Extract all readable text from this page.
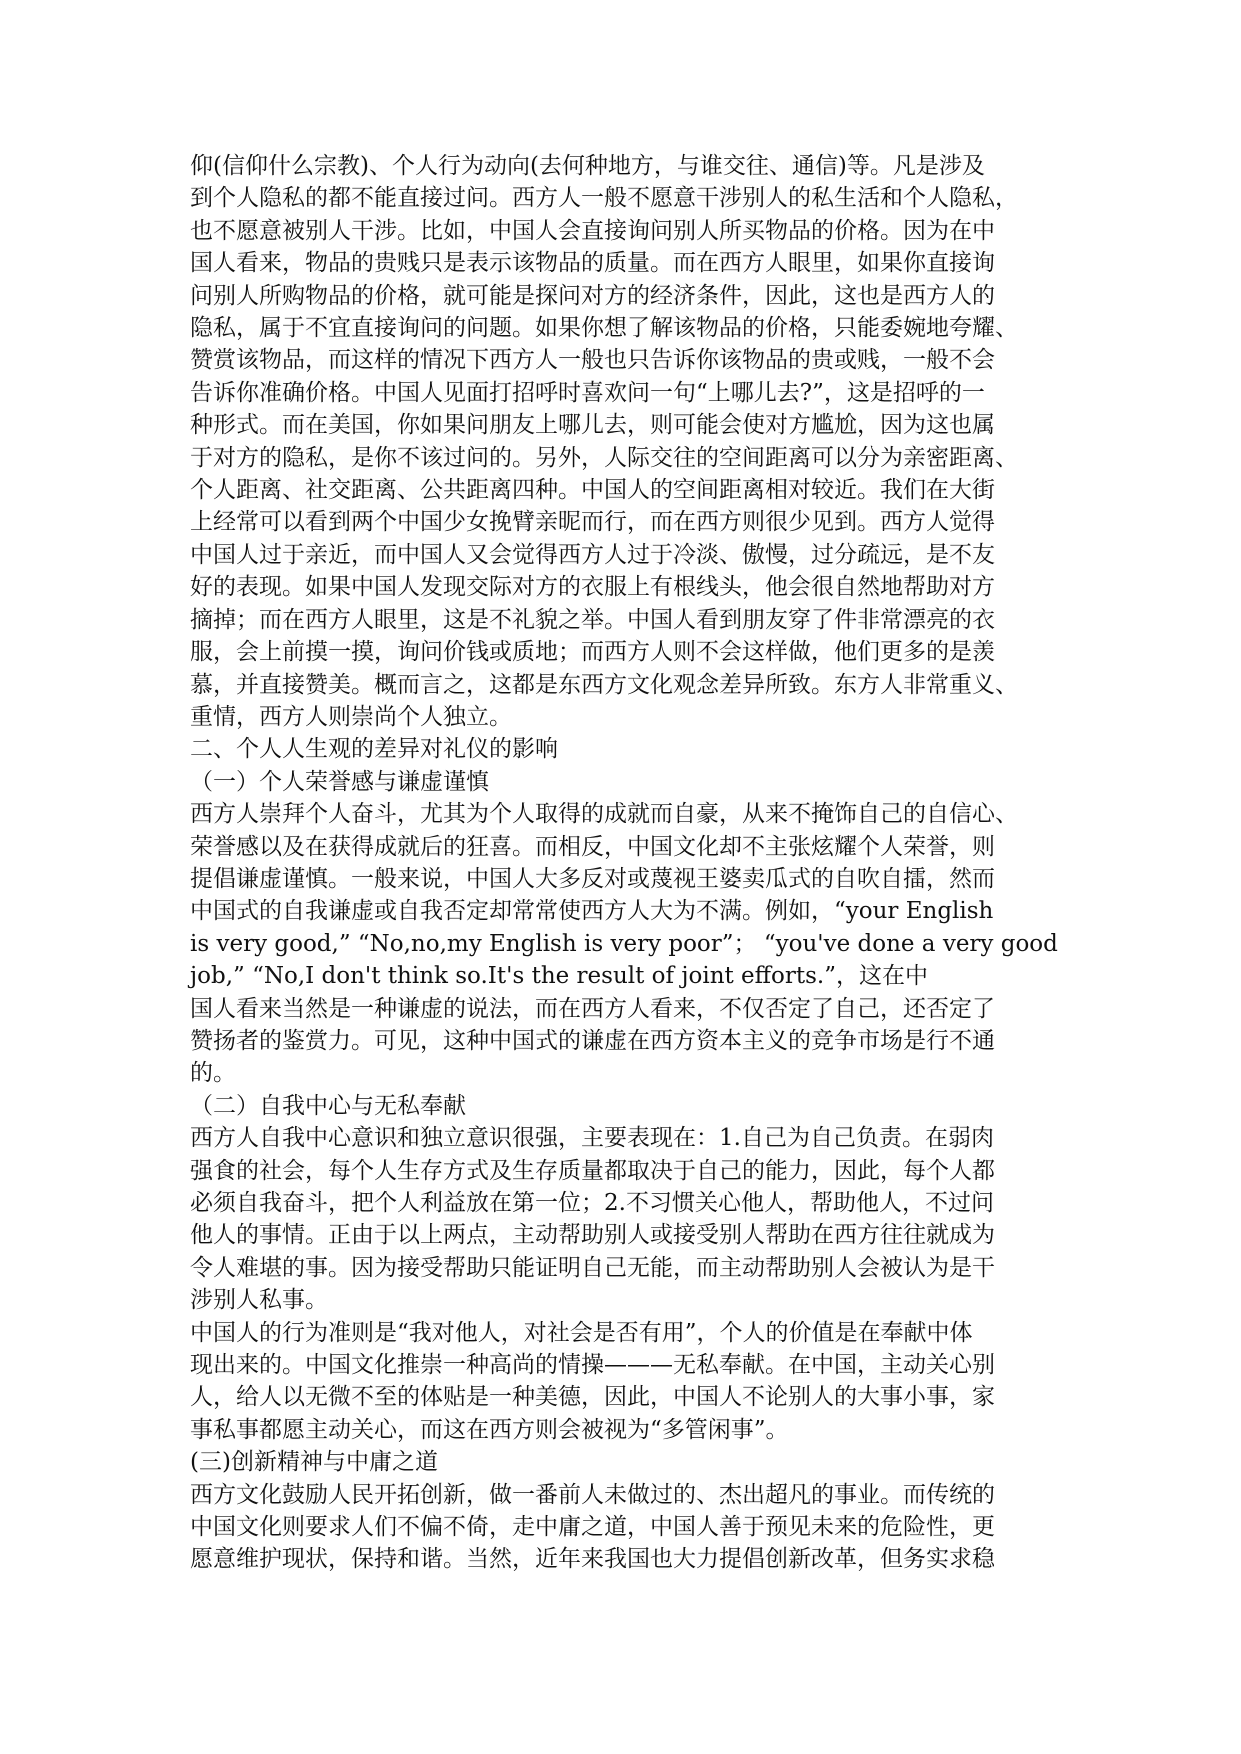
仰(信仰什么宗教)、个人行为动向(去何种地方，与谁交往、通信)等。凡是涉及
到个人隐私的都不能直接过问。西方人一般不愿意干涉别人的私生活和个人隐私，
也不愿意被别人干涉。比如，中国人会直接询问别人所买物品的价格。因为在中
国人看来，物品的贵贱只是表示该物品的质量。而在西方人眼里，如果你直接询
问别人所购物品的价格，就可能是探问对方的经济条件，因此，这也是西方人的
隐私，属于不宜直接询问的问题。如果你想了解该物品的价格，只能委婉地夸耀、
赞赏该物品，而这样的情况下西方人一般也只告诉你该物品的贵或贱，一般不会
告诉你准确价格。中国人见面打招呼时喜欢问一句“上哪儿去?”，这是招呼的一
种形式。而在美国，你如果问朋友上哪儿去，则可能会使对方尴尬，因为这也属
于对方的隐私，是你不该过问的。另外，人际交往的空间距离可以分为亲密距离、
个人距离、社交距离、公共距离四种。中国人的空间距离相对较近。我们在大街
上经常可以看到两个中国少女挽臂亲昵而行，而在西方则很少见到。西方人觉得
中国人过于亲近，而中国人又会觉得西方人过于冷淡、傲慢，过分疏远，是不友
好的表现。如果中国人发现交际对方的衣服上有根线头，他会很自然地帮助对方
摘掉；而在西方人眼里，这是不礼貌之举。中国人看到朋友穿了件非常漂亮的衣
服，会上前摸一摸，询问价钱或质地；而西方人则不会这样做，他们更多的是羡
慕，并直接赞美。概而言之，这都是东西方文化观念差异所致。东方人非常重义、
重情，西方人则崇尚个人独立。
二、个人人生观的差异对礼仪的影响
（一）个人荣誉感与谦虚谨慎
西方人崇拜个人奋斗，尤其为个人取得的成就而自豪，从来不掩饰自己的自信心、
荣誉感以及在获得成就后的狂喜。而相反，中国文化却不主张炫耀个人荣誉，则
提倡谦虚谨慎。一般来说，中国人大多反对或蔑视王婆卖瓜式的自吹自擂，然而
中国式的自我谦虚或自我否定却常常使西方人大为不满。例如，“your English
is very good,” “No,no,my English is very poor”； “you've done a very good
job,” “No,I don't think so.It's the result of joint efforts.”，这在中
国人看来当然是一种谦虚的说法，而在西方人看来，不仅否定了自己，还否定了
赞扬者的鉴赏力。可见，这种中国式的谦虚在西方资本主义的竞争市场是行不通
的。
（二）自我中心与无私奉献
西方人自我中心意识和独立意识很强，主要表现在：1.自己为自己负责。在弱肉
强食的社会，每个人生存方式及生存质量都取决于自己的能力，因此，每个人都
必须自我奋斗，把个人利益放在第一位；2.不习惯关心他人，帮助他人，不过问
他人的事情。正由于以上两点，主动帮助别人或接受别人帮助在西方往往就成为
令人难堪的事。因为接受帮助只能证明自己无能，而主动帮助别人会被认为是干
涉别人私事。
中国人的行为准则是“我对他人，对社会是否有用”，个人的价值是在奉献中体
现出来的。中国文化推崇一种高尚的情操———无私奉献。在中国，主动关心别
人，给人以无微不至的体贴是一种美德，因此，中国人不论别人的大事小事，家
事私事都愿主动关心，而这在西方则会被视为“多管闲事”。
(三)创新精神与中庸之道
西方文化鼓励人民开拓创新，做一番前人未做过的、杰出超凡的事业。而传统的
中国文化则要求人们不偏不倚，走中庸之道，中国人善于预见未来的危险性，更
愿意维护现状，保持和谐。当然，近年来我国也大力提倡创新改革，但务实求稳
